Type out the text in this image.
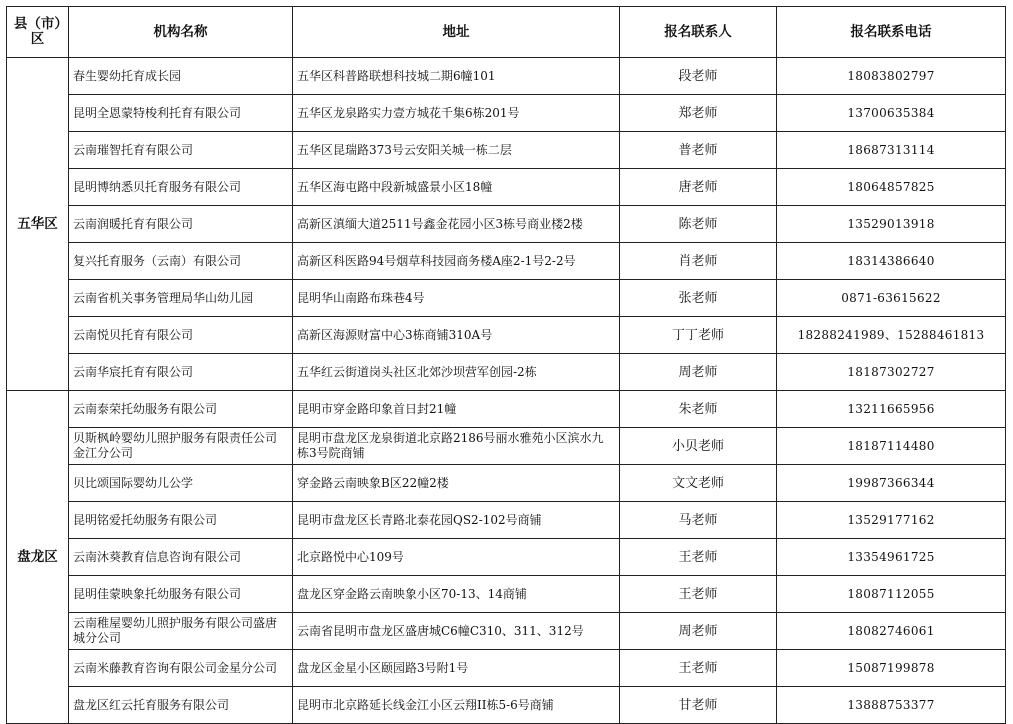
县（市）区	机构名称	地址	报名联系人	报名联系电话
五华区	春生婴幼托育成长园	五华区科普路联想科技城二期6幢101	段老师	18083802797
	昆明全恩蒙特梭利托育有限公司	五华区龙泉路实力壹方城花千集6栋201号	郑老师	13700635384
	云南璀智托育有限公司	五华区昆瑞路373号云安阳关城一栋二层	普老师	18687313114
	昆明博纳悉贝托育服务有限公司	五华区海屯路中段新城盛景小区18幢	唐老师	18064857825
	云南润暖托育有限公司	高新区滇缅大道2511号鑫金花园小区3栋号商业楼2楼	陈老师	13529013918
	复兴托育服务（云南）有限公司	高新区科医路94号烟草科技园商务楼A座2-1号2-2号	肖老师	18314386640
	云南省机关事务管理局华山幼儿园	昆明华山南路布珠巷4号	张老师	0871-63615622
	云南悦贝托育有限公司	高新区海源财富中心3栋商铺310A号	丁丁老师	18288241989、15288461813
	云南华宸托育有限公司	五华红云街道岗头社区北郊沙坝营军创园-2栋	周老师	18187302727
盘龙区	云南泰荣托幼服务有限公司	昆明市穿金路印象首日封21幢	朱老师	13211665956
	贝斯枫岭婴幼儿照护服务有限责任公司金江分公司	昆明市盘龙区龙泉街道北京路2186号丽水雅苑小区滨水九栋3号院商铺	小贝老师	18187114480
	贝比颂国际婴幼儿公学	穿金路云南映象B区22幢2楼	文文老师	19987366344
	昆明铭爱托幼服务有限公司	昆明市盘龙区长青路北泰花园QS2-102号商铺	马老师	13529177162
	云南沐葵教育信息咨询有限公司	北京路悦中心109号	王老师	13354961725
	昆明佳蒙映象托幼服务有限公司	盘龙区穿金路云南映象小区70-13、14商铺	王老师	18087112055
	云南稚屋婴幼儿照护服务有限公司盛唐城分公司	云南省昆明市盘龙区盛唐城C6幢C310、311、312号	周老师	18082746061
	云南米藤教育咨询有限公司金星分公司	盘龙区金星小区颐园路3号附1号	王老师	15087199878
	盘龙区红云托育服务有限公司	昆明市北京路延长线金江小区云翔II栋5-6号商铺	甘老师	13888753377
